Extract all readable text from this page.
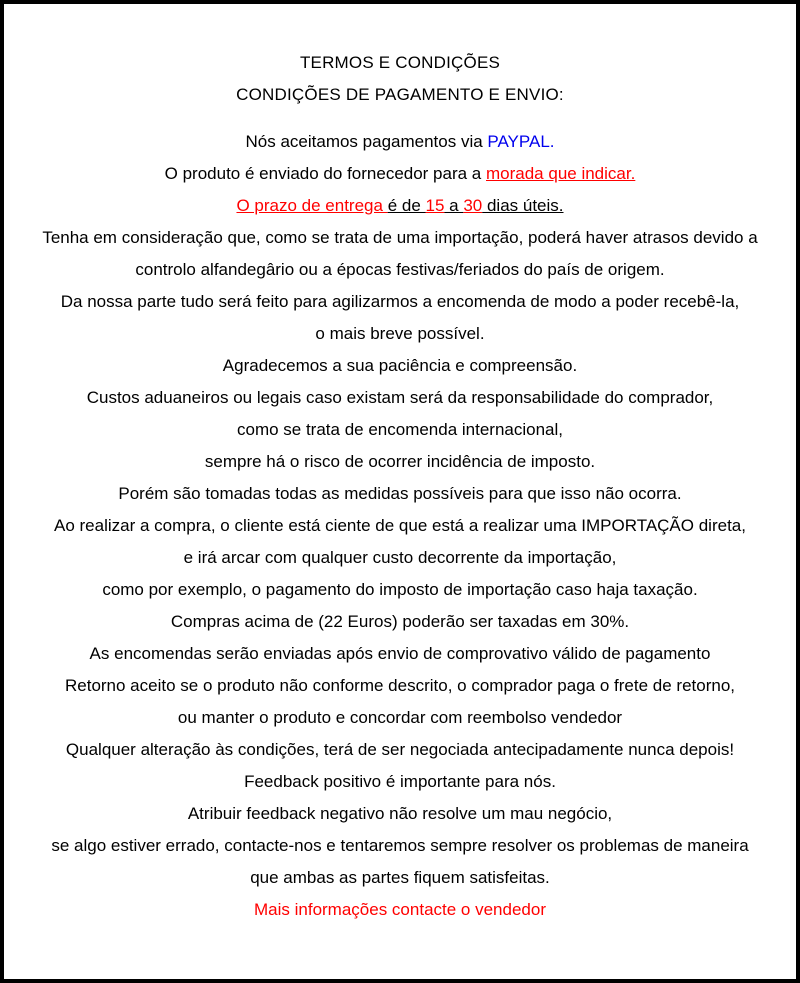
TERMOS E CONDIÇÕES
CONDIÇÕES DE PAGAMENTO E ENVIO:
Nós aceitamos pagamentos via PAYPAL.
O produto é enviado do fornecedor para a morada que indicar.
O prazo de entrega é de 15 a 30 dias úteis.
Tenha em consideração que, como se trata de uma importação, poderá haver atrasos devido a
controlo alfandegârio ou a épocas festivas/feriados do país de origem.
Da nossa parte tudo será feito para agilizarmos a encomenda de modo a poder recebê-la,
o mais breve possível.
Agradecemos a sua paciência e compreensão.
Custos aduaneiros ou legais caso existam será da responsabilidade do comprador,
como se trata de encomenda internacional,
sempre há o risco de ocorrer incidência de imposto.
Porém são tomadas todas as medidas possíveis para que isso não ocorra.
Ao realizar a compra, o cliente está ciente de que está a realizar uma IMPORTAÇÃO direta,
e irá arcar com qualquer custo decorrente da importação,
como por exemplo, o pagamento do imposto de importação caso haja taxação.
Compras acima de (22 Euros) poderão ser taxadas em 30%.
As encomendas serão enviadas após envio de comprovativo válido de pagamento
Retorno aceito se o produto não conforme descrito, o comprador paga o frete de retorno,
ou manter o produto e concordar com reembolso vendedor
Qualquer alteração às condições, terá de ser negociada antecipadamente nunca depois!
Feedback positivo é importante para nós.
Atribuir feedback negativo não resolve um mau negócio,
se algo estiver errado, contacte-nos e tentaremos sempre resolver os problemas de maneira
que ambas as partes fiquem satisfeitas.
Mais informações contacte o vendedor
